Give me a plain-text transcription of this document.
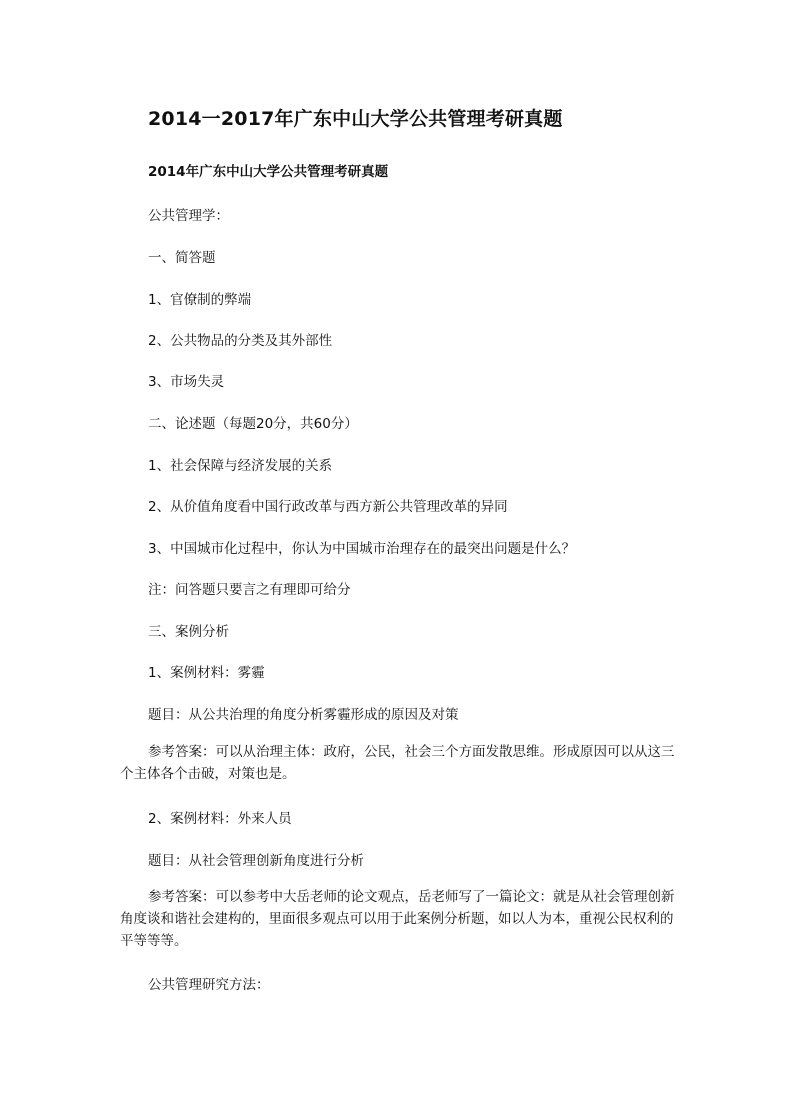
2014一2017年广东中山大学公共管理考研真题
2014年广东中山大学公共管理考研真题
公共管理学：
一、简答题
1、官僚制的弊端
2、公共物品的分类及其外部性
3、市场失灵
二、论述题（每题20分，共60分）
1、社会保障与经济发展的关系
2、从价值角度看中国行政改革与西方新公共管理改革的异同
3、中国城市化过程中，你认为中国城市治理存在的最突出问题是什么？
注：问答题只要言之有理即可给分
三、案例分析
1、案例材料：雾霾
题目：从公共治理的角度分析雾霾形成的原因及对策
参考答案：可以从治理主体：政府，公民，社会三个方面发散思维。形成原因可以从这三个主体各个击破，对策也是。
2、案例材料：外来人员
题目：从社会管理创新角度进行分析
参考答案：可以参考中大岳老师的论文观点，岳老师写了一篇论文：就是从社会管理创新角度谈和谐社会建构的，里面很多观点可以用于此案例分析题，如以人为本，重视公民权利的平等等等。
公共管理研究方法：
